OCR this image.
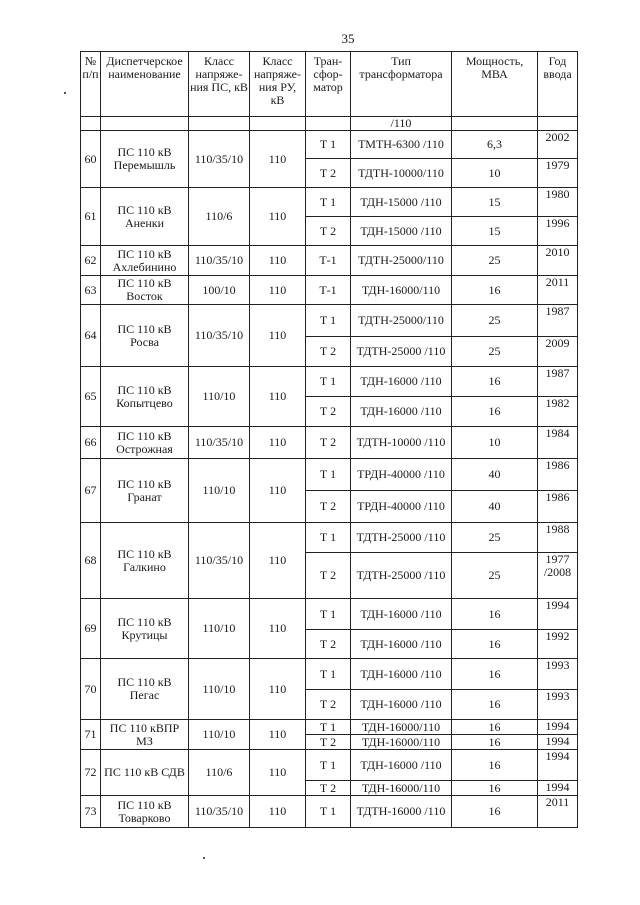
35
№ п/п	Диспетчерское наименование	Класс напряже-ния ПС, кВ	Класс напряже-ния РУ, кВ	Тран-сфор-матор	Тип трансформатора	Мощность, МВА	Год ввода
					/110		
60	ПС 110 кВ Перемышль	110/35/10	110	Т 1	ТМТН-6300 /110	6,3	2002
				Т 2	ТДТН-10000/110	10	1979
61	ПС 110 кВ Аненки	110/6	110	Т 1	ТДН-15000 /110	15	1980
				Т 2	ТДН-15000 /110	15	1996
62	ПС 110 кВ Ахлебинино	110/35/10	110	Т-1	ТДТН-25000/110	25	2010
63	ПС 110 кВ Восток	100/10	110	Т-1	ТДН-16000/110	16	2011
64	ПС 110 кВ Росва	110/35/10	110	Т 1	ТДТН-25000/110	25	1987
				Т 2	ТДТН-25000 /110	25	2009
65	ПС 110 кВ Копытцево	110/10	110	Т 1	ТДН-16000 /110	16	1987
				Т 2	ТДН-16000 /110	16	1982
66	ПС 110 кВ Острожная	110/35/10	110	Т 2	ТДТН-10000 /110	10	1984
67	ПС 110 кВ Гранат	110/10	110	Т 1	ТРДН-40000 /110	40	1986
				Т 2	ТРДН-40000 /110	40	1986
68	ПС 110 кВ Галкино	110/35/10	110	Т 1	ТДТН-25000 /110	25	1988
				Т 2	ТДТН-25000 /110	25	1977 /2008
69	ПС 110 кВ Крутицы	110/10	110	Т 1	ТДН-16000 /110	16	1994
				Т 2	ТДН-16000 /110	16	1992
70	ПС 110 кВ Пегас	110/10	110	Т 1	ТДН-16000 /110	16	1993
				Т 2	ТДН-16000 /110	16	1993
71	ПС 110 кВПР МЗ	110/10	110	Т 1	ТДН-16000/110	16	1994
				Т 2	ТДН-16000/110	16	1994
72	ПС 110 кВ СДВ	110/6	110	Т 1	ТДН-16000 /110	16	1994
				Т 2	ТДН-16000/110	16	1994
73	ПС 110 кВ Товарково	110/35/10	110	Т 1	ТДТН-16000 /110	16	2011
